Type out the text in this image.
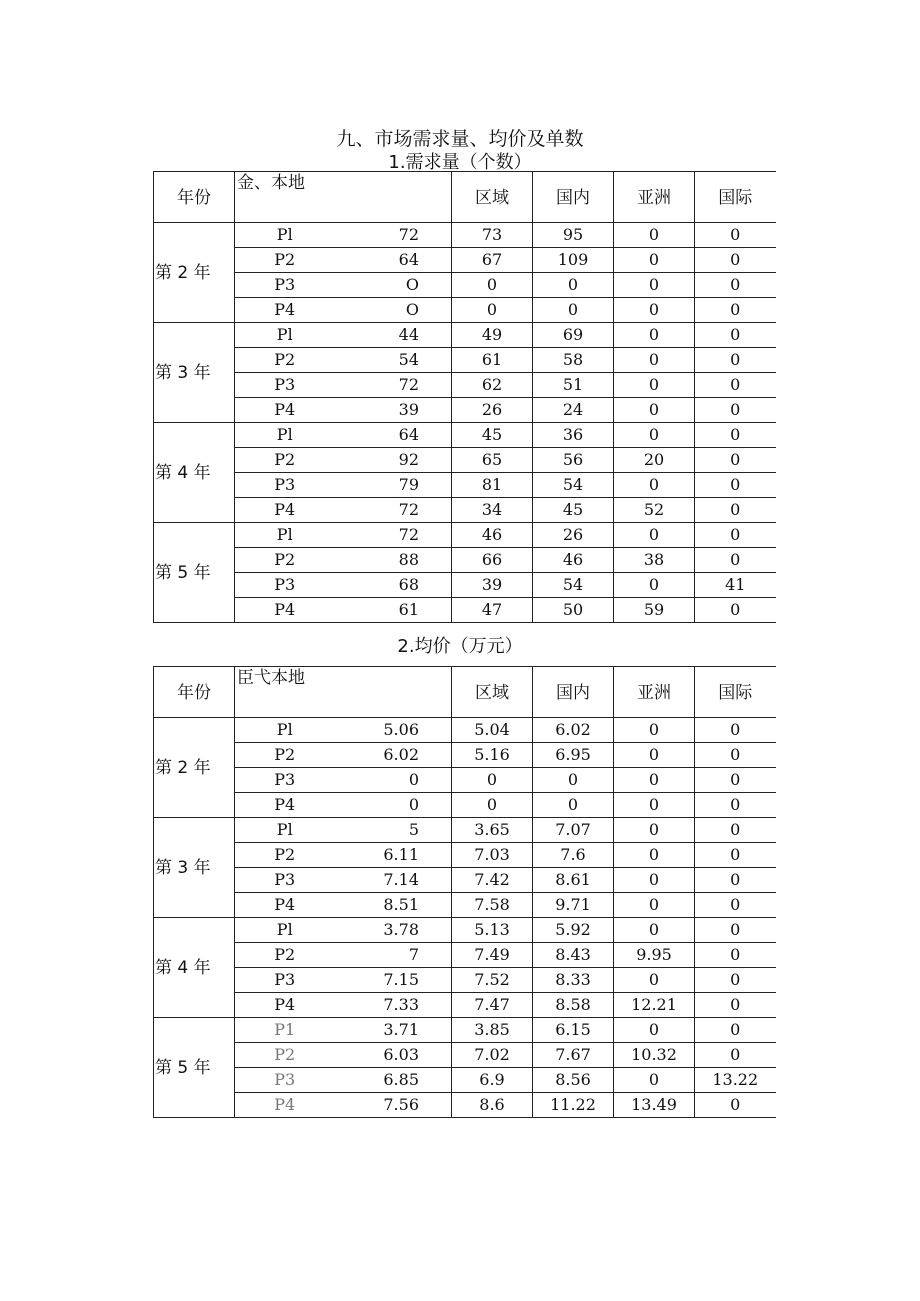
九、市场需求量、均价及单数
1.需求量（个数）
年份	金、本地		区域	国内	亚洲	国际
第 2 年	Pl	72	73	95	0	0
	P2	64	67	109	0	0
	P3	O	0	0	0	0
	P4	O	0	0	0	0
第 3 年	Pl	44	49	69	0	0
	P2	54	61	58	0	0
	P3	72	62	51	0	0
	P4	39	26	24	0	0
第 4 年	Pl	64	45	36	0	0
	P2	92	65	56	20	0
	P3	79	81	54	0	0
	P4	72	34	45	52	0
第 5 年	Pl	72	46	26	0	0
	P2	88	66	46	38	0
	P3	68	39	54	0	41
	P4	61	47	50	59	0
2.均价（万元）
年份	臣弋本地		区域	国内	亚洲	国际
第 2 年	Pl	5.06	5.04	6.02	0	0
	P2	6.02	5.16	6.95	0	0
	P3	0	0	0	0	0
	P4	0	0	0	0	0
第 3 年	Pl	5	3.65	7.07	0	0
	P2	6.11	7.03	7.6	0	0
	P3	7.14	7.42	8.61	0	0
	P4	8.51	7.58	9.71	0	0
第 4 年	Pl	3.78	5.13	5.92	0	0
	P2	7	7.49	8.43	9.95	0
	P3	7.15	7.52	8.33	0	0
	P4	7.33	7.47	8.58	12.21	0
第 5 年	P1	3.71	3.85	6.15	0	0
	P2	6.03	7.02	7.67	10.32	0
	P3	6.85	6.9	8.56	0	13.22
	P4	7.56	8.6	11.22	13.49	0
